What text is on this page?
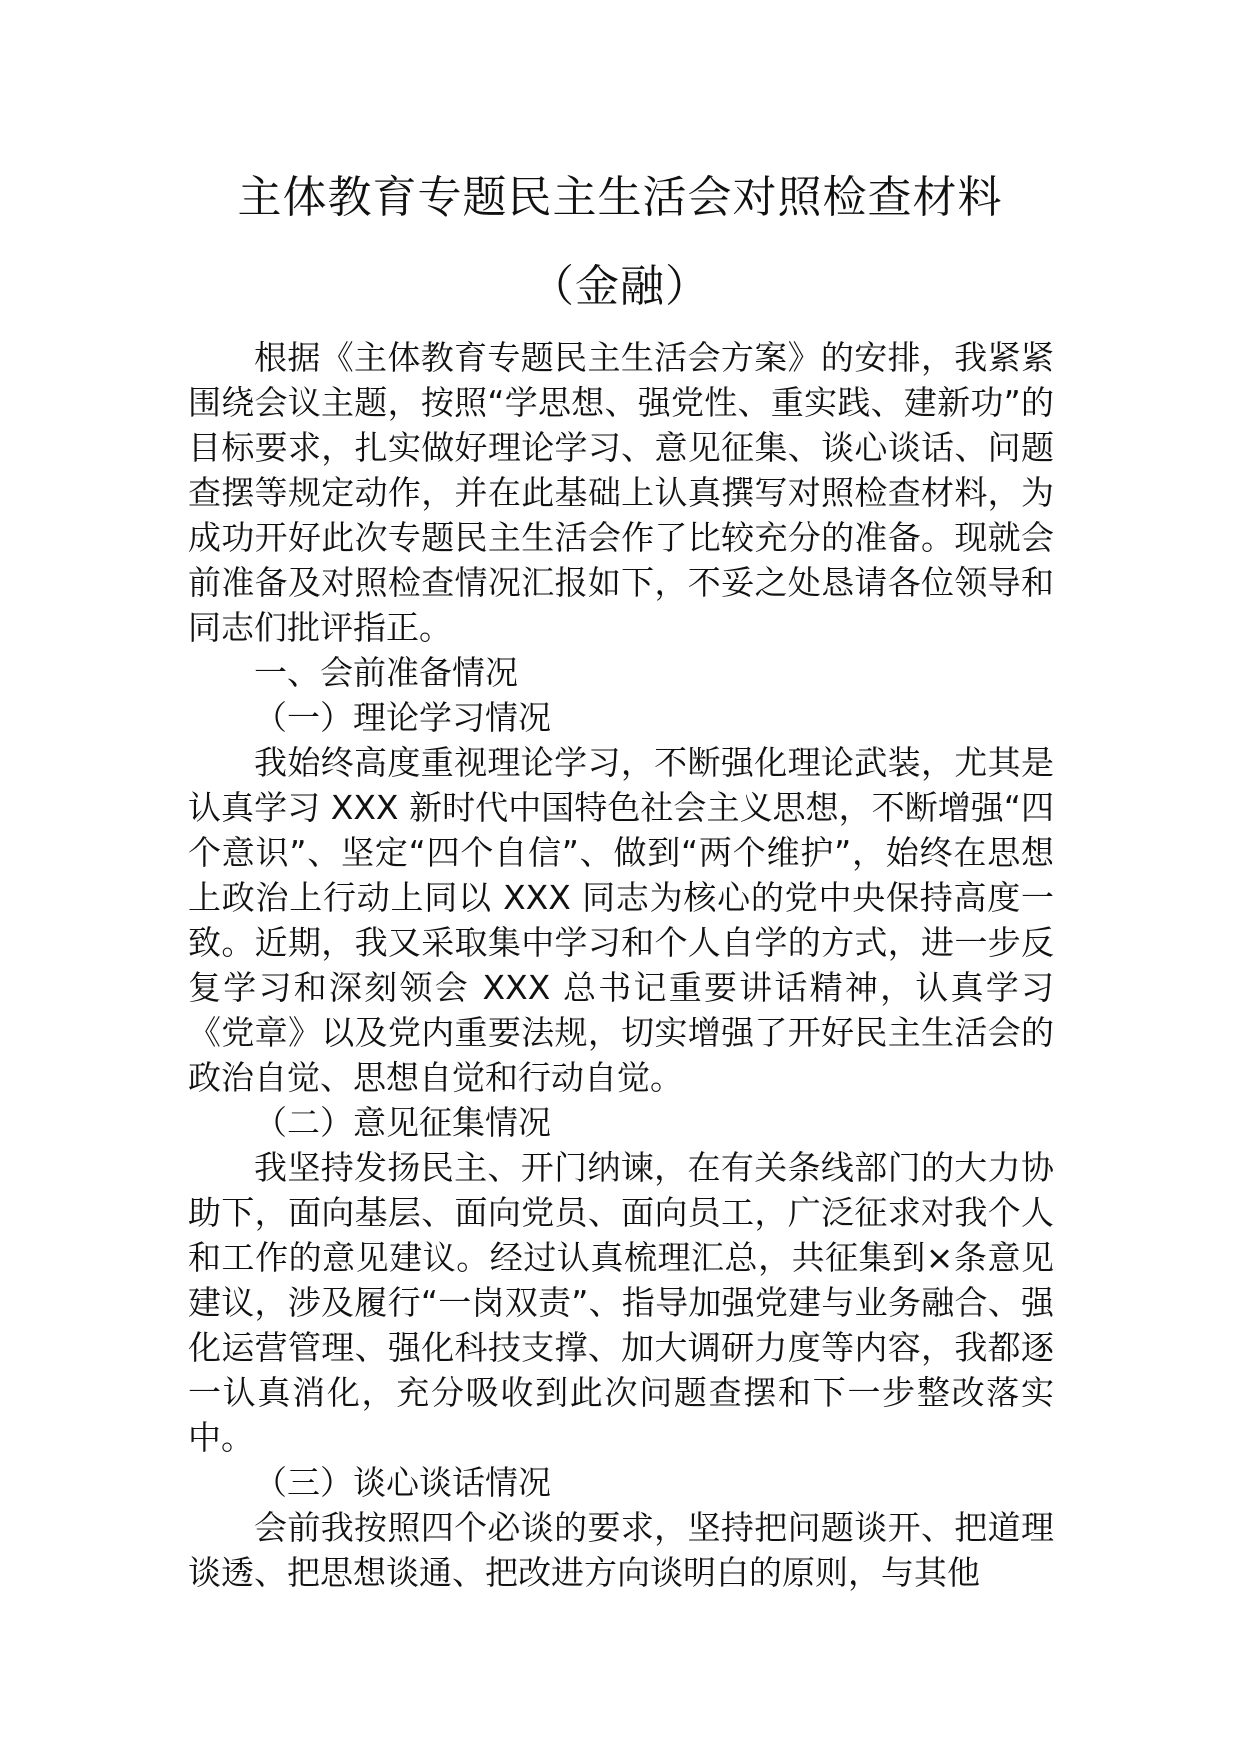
主体教育专题民主生活会对照检查材料
（金融）

根据《主体教育专题民主生活会方案》的安排，我紧紧围绕会议主题，按照“学思想、强党性、重实践、建新功”的目标要求，扎实做好理论学习、意见征集、谈心谈话、问题查摆等规定动作，并在此基础上认真撰写对照检查材料，为成功开好此次专题民主生活会作了比较充分的准备。现就会前准备及对照检查情况汇报如下，不妥之处恳请各位领导和同志们批评指正。

一、会前准备情况

（一）理论学习情况

我始终高度重视理论学习，不断强化理论武装，尤其是认真学习 XXX 新时代中国特色社会主义思想，不断增强“四个意识”、坚定“四个自信”、做到“两个维护”，始终在思想上政治上行动上同以 XXX 同志为核心的党中央保持高度一致。近期，我又采取集中学习和个人自学的方式，进一步反复学习和深刻领会 XXX 总书记重要讲话精神，认真学习《党章》以及党内重要法规，切实增强了开好民主生活会的政治自觉、思想自觉和行动自觉。

（二）意见征集情况

我坚持发扬民主、开门纳谏，在有关条线部门的大力协助下，面向基层、面向党员、面向员工，广泛征求对我个人和工作的意见建议。经过认真梳理汇总，共征集到×条意见建议，涉及履行“一岗双责”、指导加强党建与业务融合、强化运营管理、强化科技支撑、加大调研力度等内容，我都逐一认真消化，充分吸收到此次问题查摆和下一步整改落实中。

（三）谈心谈话情况

会前我按照四个必谈的要求，坚持把问题谈开、把道理谈透、把思想谈通、把改进方向谈明白的原则，与其他
